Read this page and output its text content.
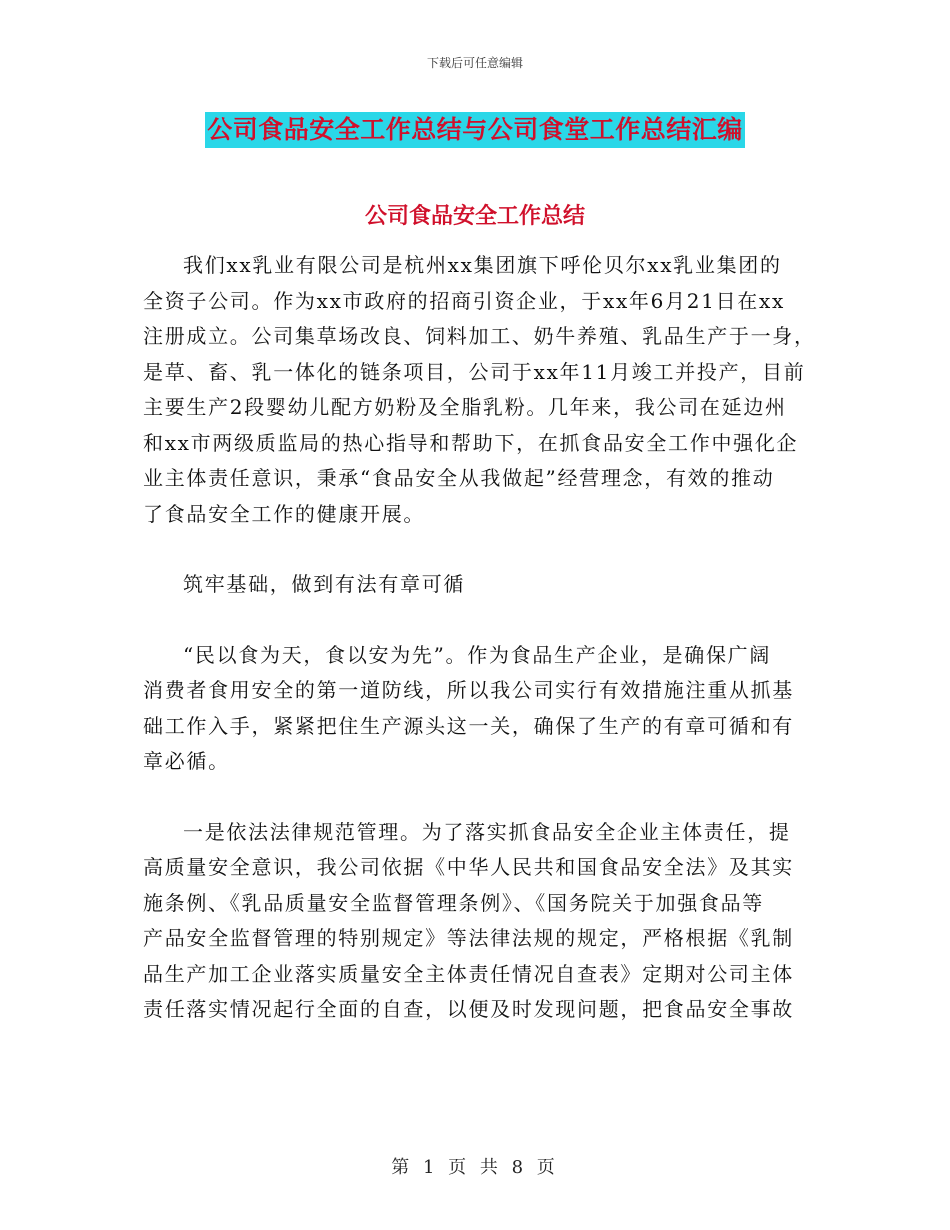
下载后可任意编辑
公司食品安全工作总结与公司食堂工作总结汇编
公司食品安全工作总结

我们xx乳业有限公司是杭州xx集团旗下呼伦贝尔xx乳业集团的
全资子公司。作为xx市政府的招商引资企业，于xx年6月21日在xx
注册成立。公司集草场改良、饲料加工、奶牛养殖、乳品生产于一身，
是草、畜、乳一体化的链条项目，公司于xx年11月竣工并投产，目前
主要生产2段婴幼儿配方奶粉及全脂乳粉。几年来，我公司在延边州
和xx市两级质监局的热心指导和帮助下，在抓食品安全工作中强化企
业主体责任意识，秉承“食品安全从我做起”经营理念，有效的推动
了食品安全工作的健康开展。

筑牢基础，做到有法有章可循

“民以食为天，食以安为先”。作为食品生产企业，是确保广阔
消费者食用安全的第一道防线，所以我公司实行有效措施注重从抓基
础工作入手，紧紧把住生产源头这一关，确保了生产的有章可循和有
章必循。

一是依法法律规范管理。为了落实抓食品安全企业主体责任，提
高质量安全意识，我公司依据《中华人民共和国食品安全法》及其实
施条例、《乳品质量安全监督管理条例》、《国务院关于加强食品等
产品安全监督管理的特别规定》等法律法规的规定，严格根据《乳制
品生产加工企业落实质量安全主体责任情况自查表》定期对公司主体
责任落实情况起行全面的自查，以便及时发现问题，把食品安全事故

第 1 页 共 8 页
